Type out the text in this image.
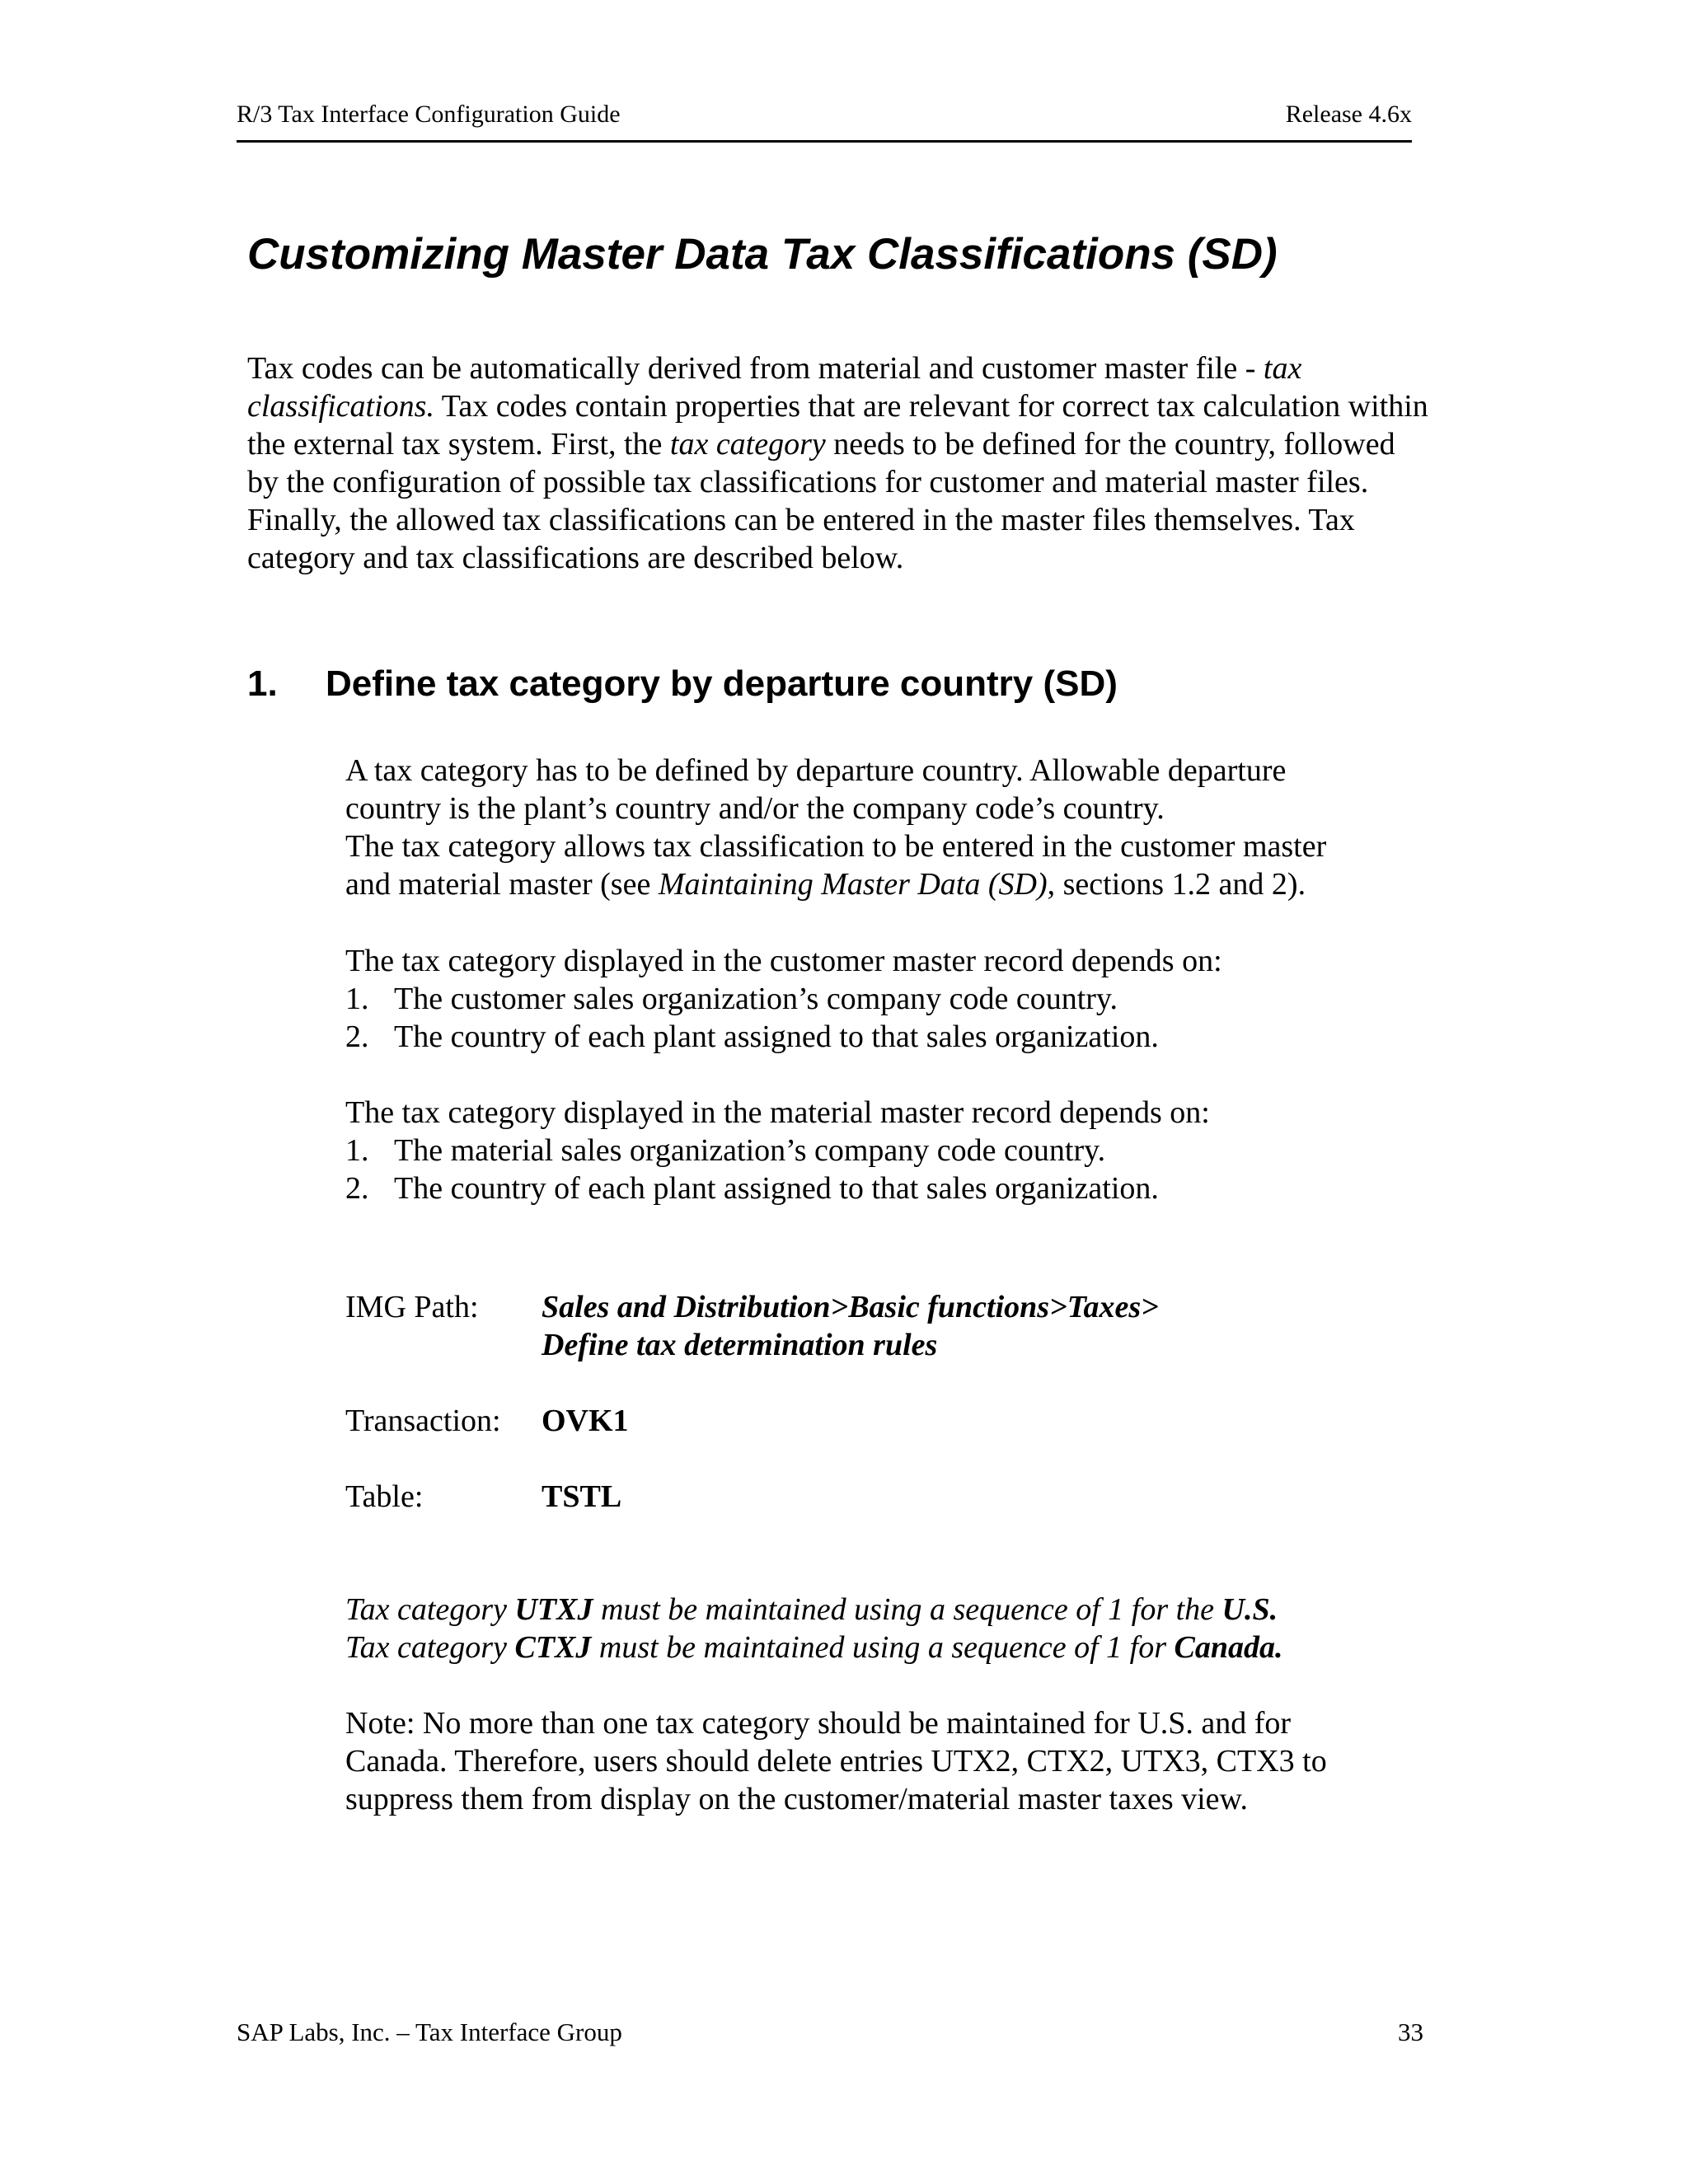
R/3 Tax Interface Configuration Guide	Release 4.6x
Customizing Master Data Tax Classifications (SD)
Tax codes can be automatically derived from material and customer master file - tax classifications. Tax codes contain properties that are relevant for correct tax calculation within the external tax system. First, the tax category needs to be defined for the country, followed by the configuration of possible tax classifications for customer and material master files. Finally, the allowed tax classifications can be entered in the master files themselves. Tax category and tax classifications are described below.
1. Define tax category by departure country (SD)
A tax category has to be defined by departure country. Allowable departure
country is the plant’s country and/or the company code’s country.
The tax category allows tax classification to be entered in the customer master
and material master (see Maintaining Master Data (SD), sections 1.2 and 2).
The tax category displayed in the customer master record depends on:
1. The customer sales organization’s company code country.
2. The country of each plant assigned to that sales organization.
The tax category displayed in the material master record depends on:
1. The material sales organization’s company code country.
2. The country of each plant assigned to that sales organization.
IMG Path: Sales and Distribution>Basic functions>Taxes>
Define tax determination rules
Transaction: OVK1
Table:	TSTL
Tax category UTXJ must be maintained using a sequence of 1 for the U.S.
Tax category CTXJ must be maintained using a sequence of 1 for Canada.
Note: No more than one tax category should be maintained for U.S. and for
Canada. Therefore, users should delete entries UTX2, CTX2, UTX3, CTX3 to
suppress them from display on the customer/material master taxes view.
SAP Labs, Inc. – Tax Interface Group	33
